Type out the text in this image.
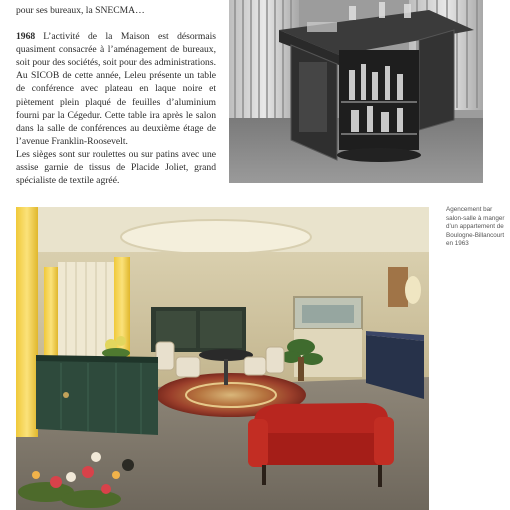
pour ses bureaux, la SNECMA…

1968 L’activité de la Maison est désormais quasiment consacrée à l’aménagement de bureaux, soit pour des sociétés, soit pour des administrations. Au SICOB de cette année, Leleu présente un table de conférence avec plateau en laque noire et piètement plein plaqué de feuilles d’aluminium fourni par la Cégedur. Cette table ira après le salon dans la salle de conférences au deuxième étage de l’avenue Franklin-Roosevelt.

Les sièges sont sur roulettes ou sur patins avec une assise garnie de tissus de Placide Joliet, grand spécialiste de textile agréé.

Agencement bar
salon-salle à manger
d’un appartement de
Boulogne-Billancourt
en 1963
